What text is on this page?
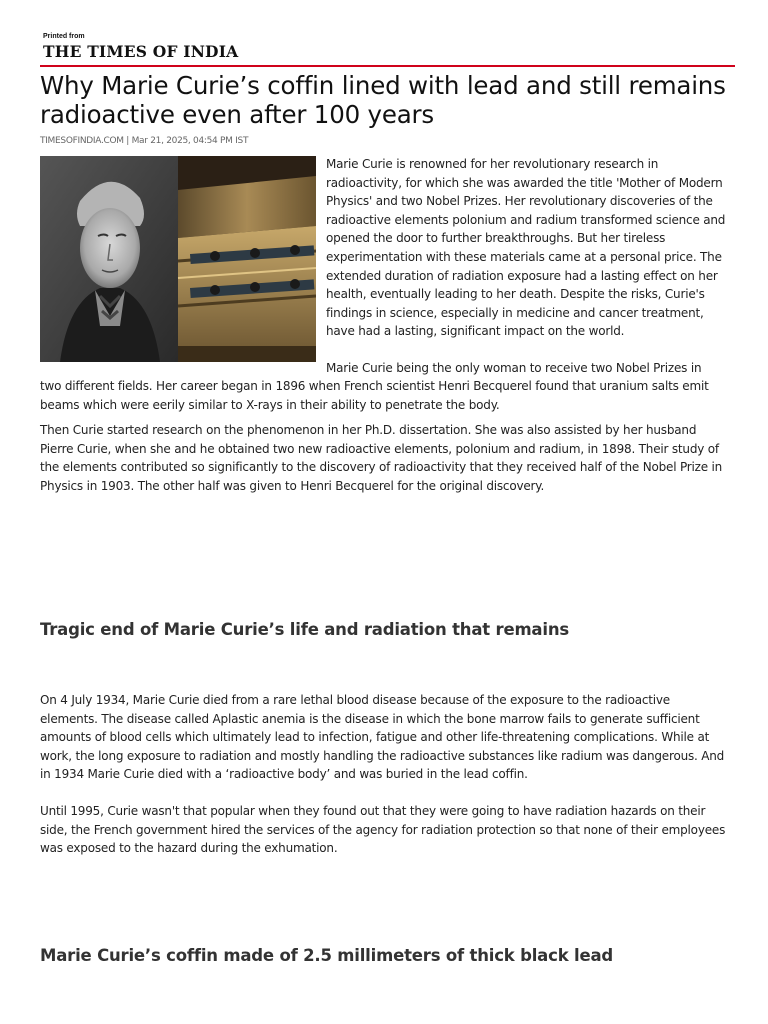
Printed from
THE TIMES OF INDIA
Why Marie Curie’s coffin lined with lead and still remains radioactive even after 100 years
TIMESOFINDIA.COM | Mar 21, 2025, 04:54 PM IST

Marie Curie is renowned for her revolutionary research in radioactivity, for which she was awarded the title 'Mother of Modern Physics' and two Nobel Prizes. Her revolutionary discoveries of the radioactive elements polonium and radium transformed science and opened the door to further breakthroughs. But her tireless experimentation with these materials came at a personal price. The extended duration of radiation exposure had a lasting effect on her health, eventually leading to her death. Despite the risks, Curie's findings in science, especially in medicine and cancer treatment, have had a lasting, significant impact on the world.

Marie Curie being the only woman to receive two Nobel Prizes in

two different fields. Her career began in 1896 when French scientist Henri Becquerel found that uranium salts emit beams which were eerily similar to X-rays in their ability to penetrate the body.

Then Curie started research on the phenomenon in her Ph.D. dissertation. She was also assisted by her husband Pierre Curie, when she and he obtained two new radioactive elements, polonium and radium, in 1898. Their study of the elements contributed so significantly to the discovery of radioactivity that they received half of the Nobel Prize in Physics in 1903. The other half was given to Henri Becquerel for the original discovery.

Tragic end of Marie Curie’s life and radiation that remains

On 4 July 1934, Marie Curie died from a rare lethal blood disease because of the exposure to the radioactive elements. The disease called Aplastic anemia is the disease in which the bone marrow fails to generate sufficient amounts of blood cells which ultimately lead to infection, fatigue and other life-threatening complications. While at work, the long exposure to radiation and mostly handling the radioactive substances like radium was dangerous. And in 1934 Marie Curie died with a ‘radioactive body’ and was buried in the lead coffin.

Until 1995, Curie wasn't that popular when they found out that they were going to have radiation hazards on their side, the French government hired the services of the agency for radiation protection so that none of their employees was exposed to the hazard during the exhumation.

Marie Curie’s coffin made of 2.5 millimeters of thick black lead
